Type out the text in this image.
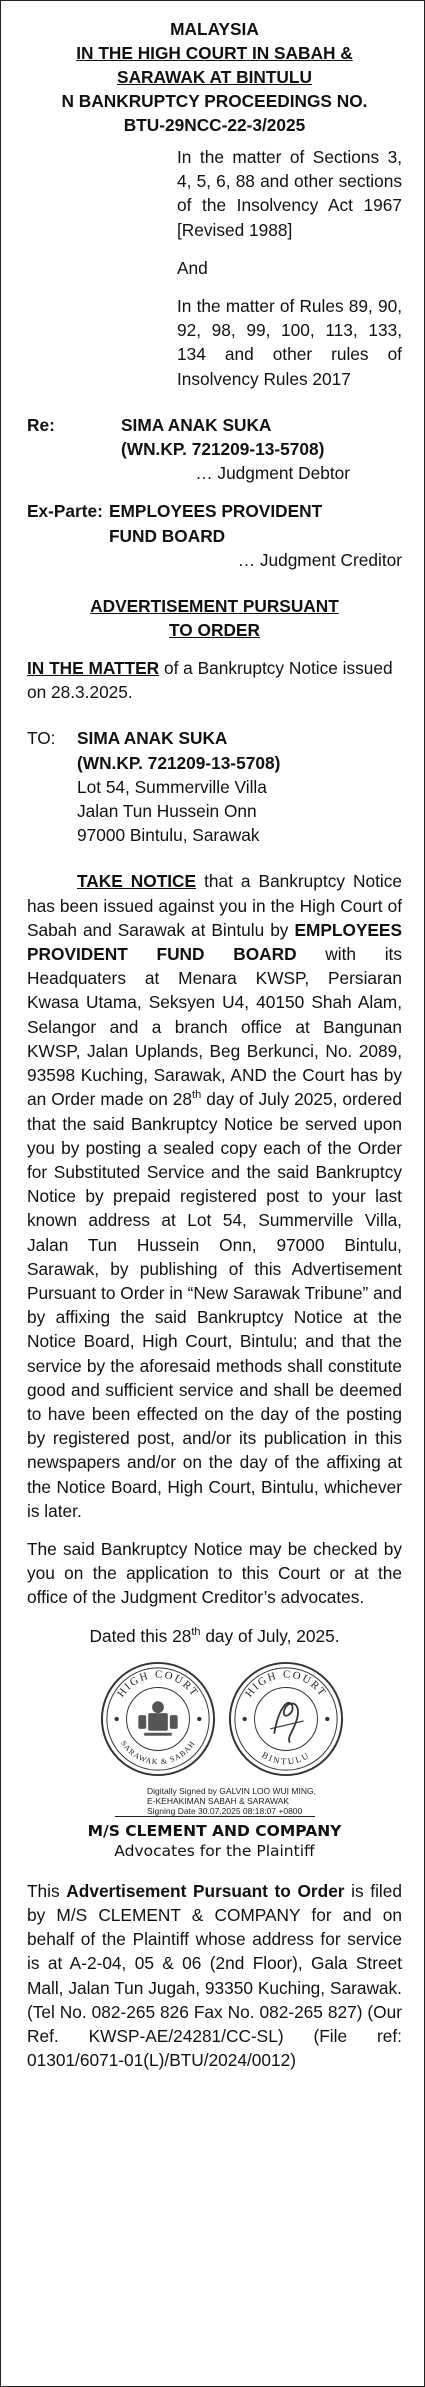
MALAYSIA
IN THE HIGH COURT IN SABAH &
SARAWAK AT BINTULU
N BANKRUPTCY PROCEEDINGS NO.
BTU-29NCC-22-3/2025
In the matter of Sections 3, 4, 5, 6, 88 and other sections of the Insolvency Act 1967 [Revised 1988]
And
In the matter of Rules 89, 90, 92, 98, 99, 100, 113, 133, 134 and other rules of Insolvency Rules 2017
Re:	SIMA ANAK SUKA
(WN.KP. 721209-13-5708)
… Judgment Debtor
Ex-Parte: EMPLOYEES PROVIDENT
FUND BOARD
… Judgment Creditor
ADVERTISEMENT PURSUANT
TO ORDER
IN THE MATTER of a Bankruptcy Notice issued on 28.3.2025.
TO:	SIMA ANAK SUKA
(WN.KP. 721209-13-5708)
Lot 54, Summerville Villa
Jalan Tun Hussein Onn
97000 Bintulu, Sarawak
TAKE NOTICE that a Bankruptcy Notice has been issued against you in the High Court of Sabah and Sarawak at Bintulu by EMPLOYEES PROVIDENT FUND BOARD with its Headquaters at Menara KWSP, Persiaran Kwasa Utama, Seksyen U4, 40150 Shah Alam, Selangor and a branch office at Bangunan KWSP, Jalan Uplands, Beg Berkunci, No. 2089, 93598 Kuching, Sarawak, AND the Court has by an Order made on 28th day of July 2025, ordered that the said Bankruptcy Notice be served upon you by posting a sealed copy each of the Order for Substituted Service and the said Bankruptcy Notice by prepaid registered post to your last known address at Lot 54, Summerville Villa, Jalan Tun Hussein Onn, 97000 Bintulu, Sarawak, by publishing of this Advertisement Pursuant to Order in “New Sarawak Tribune” and by affixing the said Bankruptcy Notice at the Notice Board, High Court, Bintulu; and that the service by the aforesaid methods shall constitute good and sufficient service and shall be deemed to have been effected on the day of the posting by registered post, and/or its publication in this newspapers and/or on the day of the affixing at the Notice Board, High Court, Bintulu, whichever is later.
The said Bankruptcy Notice may be checked by you on the application to this Court or at the office of the Judgment Creditor’s advocates.
Dated this 28th day of July, 2025.
HIGH COURT
SARAWAK & SABAH
HIGH COURT
BINTULU
Digitally Signed by GALVIN LOO WUI MING,
E-KEHAKIMAN SABAH & SARAWAK
Signing Date 30.07.2025 08:18:07 +0800
M/S CLEMENT AND COMPANY
Advocates for the Plaintiff
This Advertisement Pursuant to Order is filed by M/S CLEMENT & COMPANY for and on behalf of the Plaintiff whose address for service is at A-2-04, 05 & 06 (2nd Floor), Gala Street Mall, Jalan Tun Jugah, 93350 Kuching, Sarawak. (Tel No. 082-265 826 Fax No. 082-265 827) (Our Ref. KWSP-AE/24281/CC-SL) (File ref: 01301/6071-01(L)/BTU/2024/0012)
